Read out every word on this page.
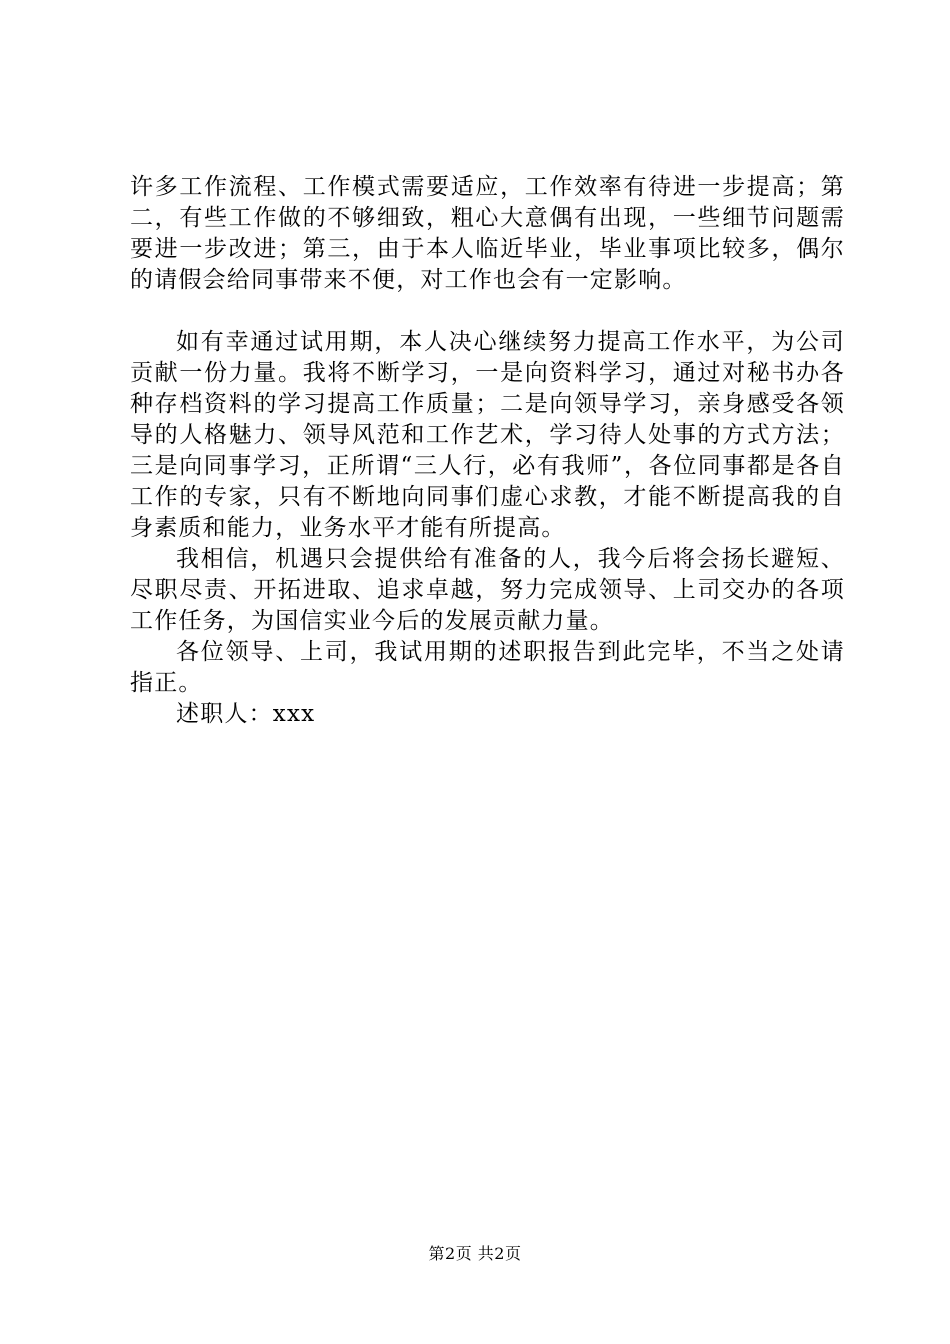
许多工作流程、工作模式需要适应，工作效率有待进一步提高；第二，有些工作做的不够细致，粗心大意偶有出现，一些细节问题需要进一步改进；第三，由于本人临近毕业，毕业事项比较多，偶尔的请假会给同事带来不便，对工作也会有一定影响。

如有幸通过试用期，本人决心继续努力提高工作水平，为公司贡献一份力量。我将不断学习，一是向资料学习，通过对秘书办各种存档资料的学习提高工作质量；二是向领导学习，亲身感受各领导的人格魅力、领导风范和工作艺术，学习待人处事的方式方法；三是向同事学习，正所谓“三人行，必有我师”，各位同事都是各自工作的专家，只有不断地向同事们虚心求教，才能不断提高我的自身素质和能力，业务水平才能有所提高。

我相信，机遇只会提供给有准备的人，我今后将会扬长避短、尽职尽责、开拓进取、追求卓越，努力完成领导、上司交办的各项工作任务，为国信实业今后的发展贡献力量。

各位领导、上司，我试用期的述职报告到此完毕，不当之处请指正。

述职人：xxx

第2页 共2页
